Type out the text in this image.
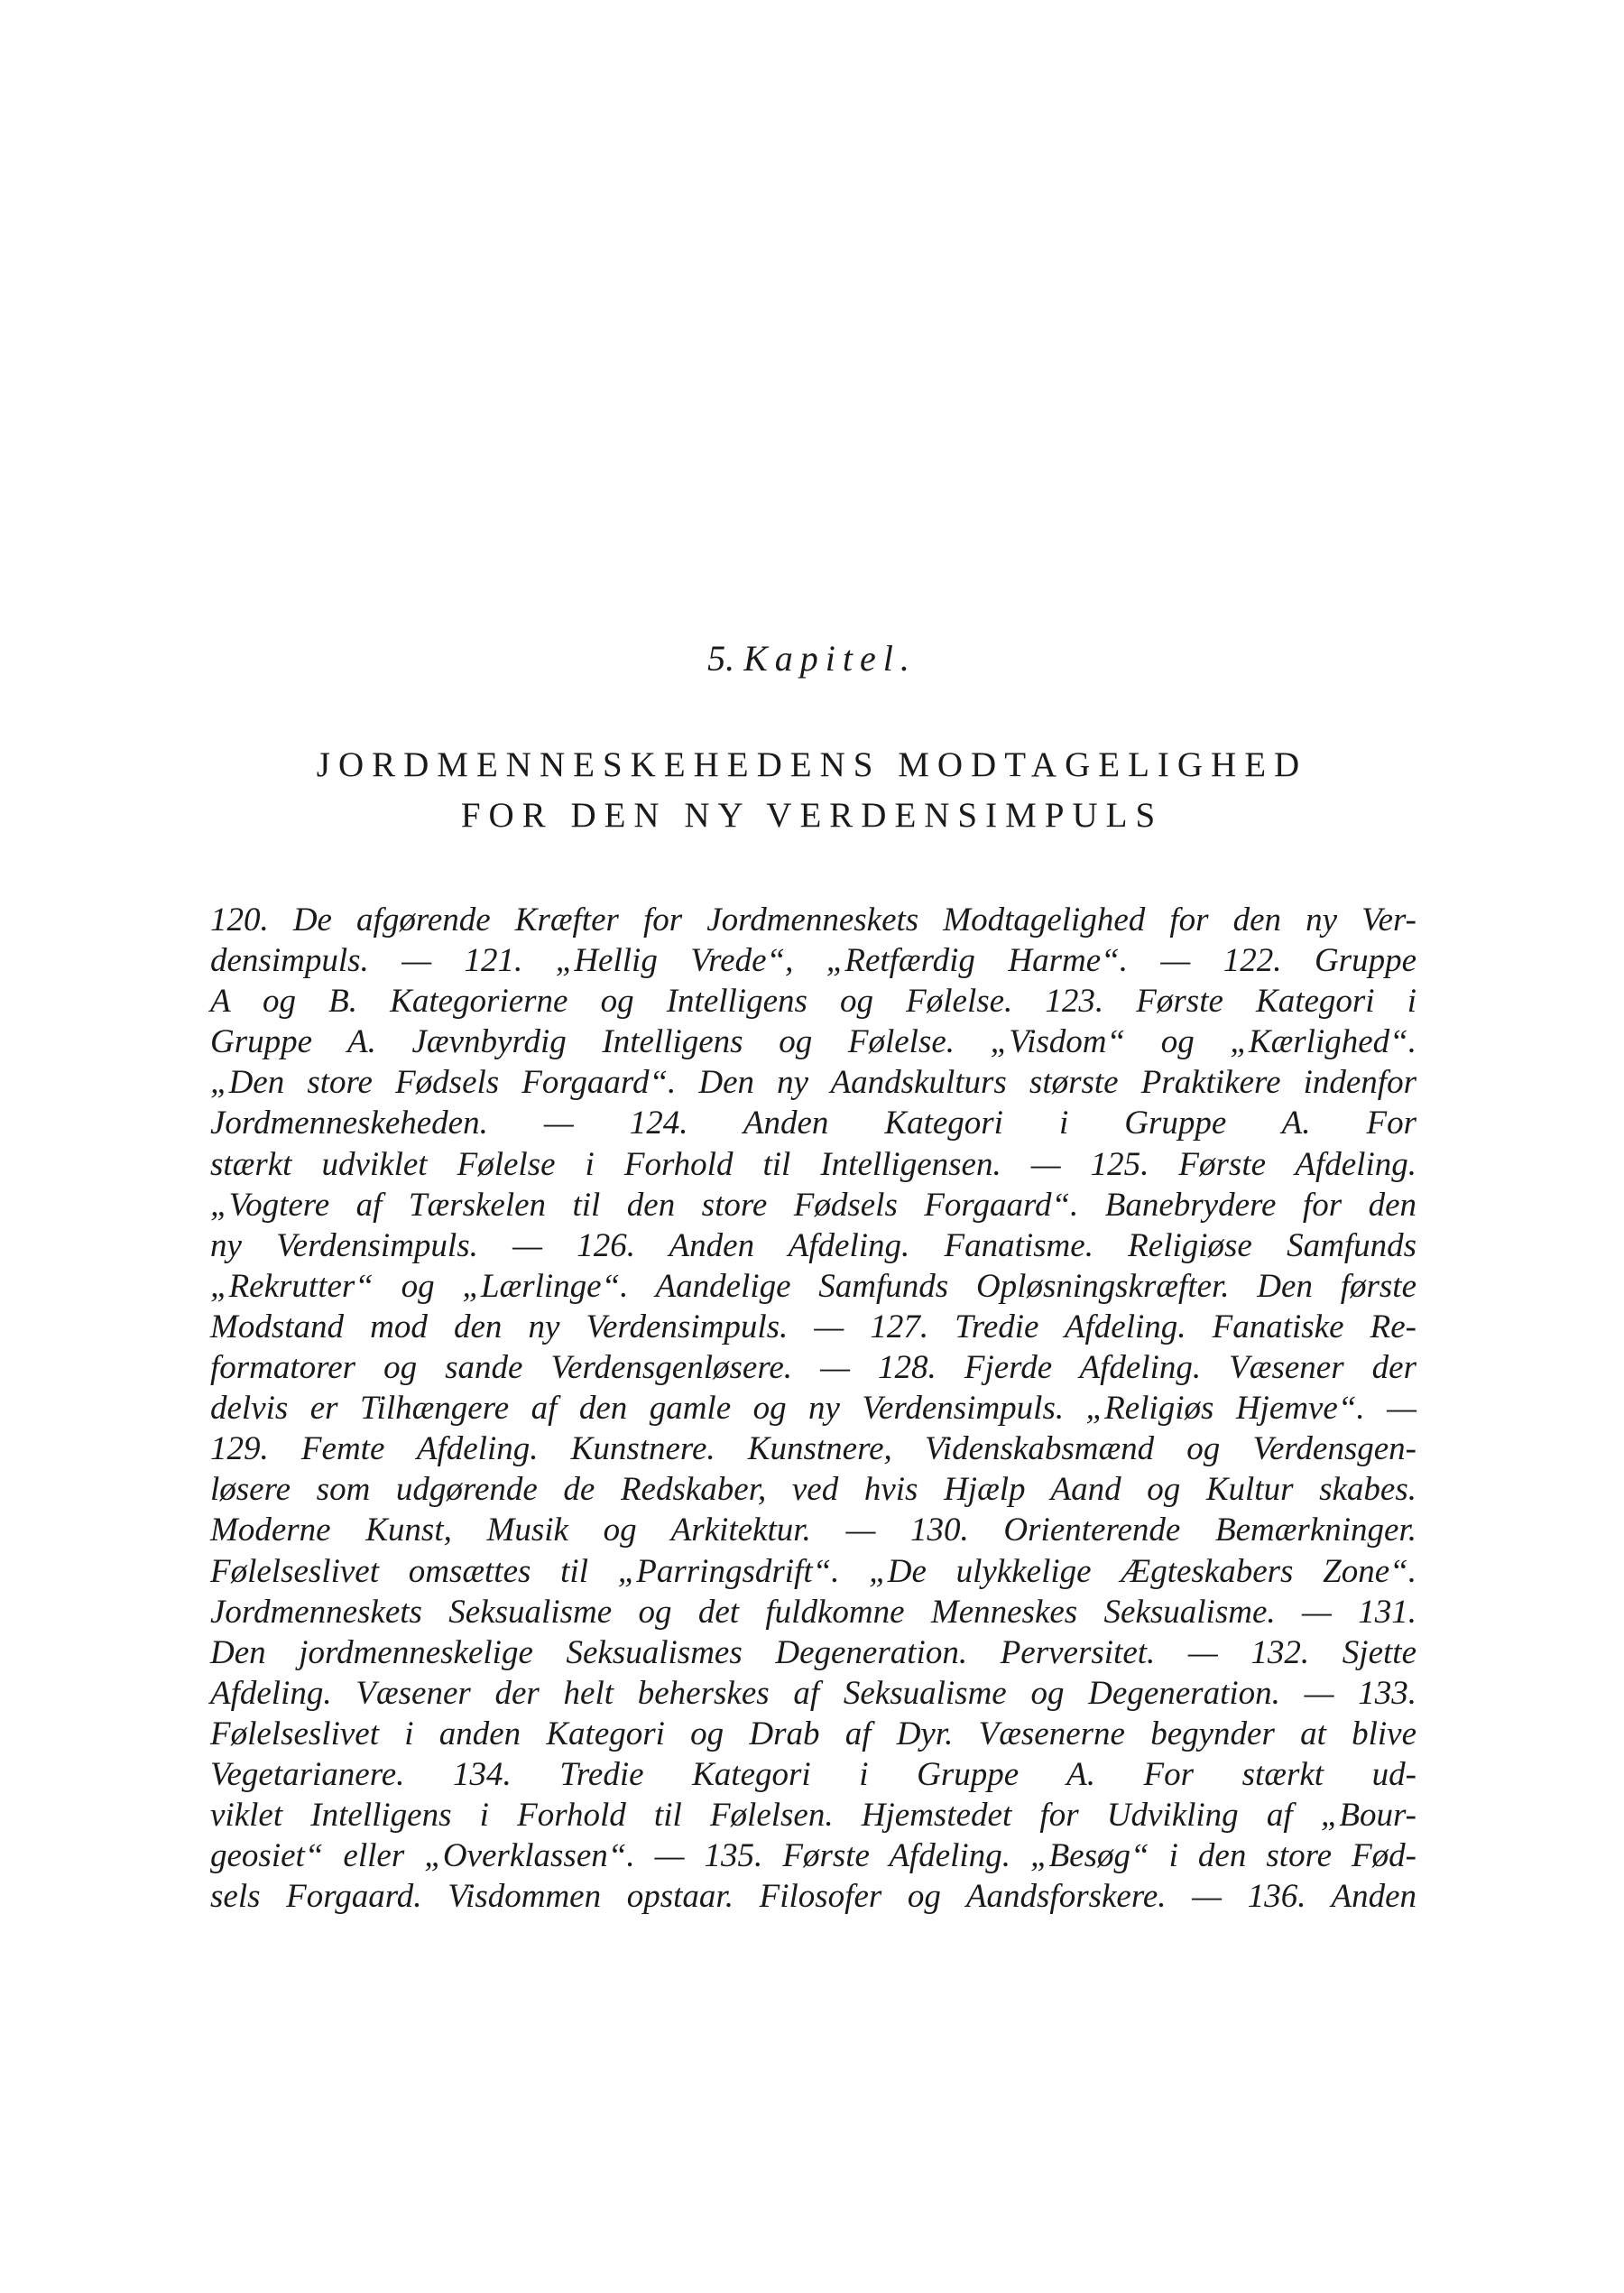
5. Kapitel.
JORDMENNESKEHEDENS MODTAGELIGHED
FOR DEN NY VERDENSIMPULS
120. De afgørende Kræfter for Jordmenneskets Modtagelighed for den ny Ver-
densimpuls. — 121. „Hellig Vrede“, „Retfærdig Harme“. — 122. Gruppe
A og B. Kategorierne og Intelligens og Følelse. 123. Første Kategori i
Gruppe A. Jævnbyrdig Intelligens og Følelse. „Visdom“ og „Kærlighed“.
„Den store Fødsels Forgaard“. Den ny Aandskulturs største Praktikere indenfor
Jordmenneskeheden. — 124. Anden Kategori i Gruppe A. For
stærkt udviklet Følelse i Forhold til Intelligensen. — 125. Første Afdeling.
„Vogtere af Tærskelen til den store Fødsels Forgaard“. Banebrydere for den
ny Verdensimpuls. — 126. Anden Afdeling. Fanatisme. Religiøse Samfunds
„Rekrutter“ og „Lærlinge“. Aandelige Samfunds Opløsningskræfter. Den første
Modstand mod den ny Verdensimpuls. — 127. Tredie Afdeling. Fanatiske Re-
formatorer og sande Verdensgenløsere. — 128. Fjerde Afdeling. Væsener der
delvis er Tilhængere af den gamle og ny Verdensimpuls. „Religiøs Hjemve“. —
129. Femte Afdeling. Kunstnere. Kunstnere, Videnskabsmænd og Verdensgen-
løsere som udgørende de Redskaber, ved hvis Hjælp Aand og Kultur skabes.
Moderne Kunst, Musik og Arkitektur. — 130. Orienterende Bemærkninger.
Følelseslivet omsættes til „Parringsdrift“. „De ulykkelige Ægteskabers Zone“.
Jordmenneskets Seksualisme og det fuldkomne Menneskes Seksualisme. — 131.
Den jordmenneskelige Seksualismes Degeneration. Perversitet. — 132. Sjette
Afdeling. Væsener der helt beherskes af Seksualisme og Degeneration. — 133.
Følelseslivet i anden Kategori og Drab af Dyr. Væsenerne begynder at blive
Vegetarianere. 134. Tredie Kategori i Gruppe A. For stærkt ud-
viklet Intelligens i Forhold til Følelsen. Hjemstedet for Udvikling af „Bour-
geosiet“ eller „Overklassen“. — 135. Første Afdeling. „Besøg“ i den store Fød-
sels Forgaard. Visdommen opstaar. Filosofer og Aandsforskere. — 136. Anden
